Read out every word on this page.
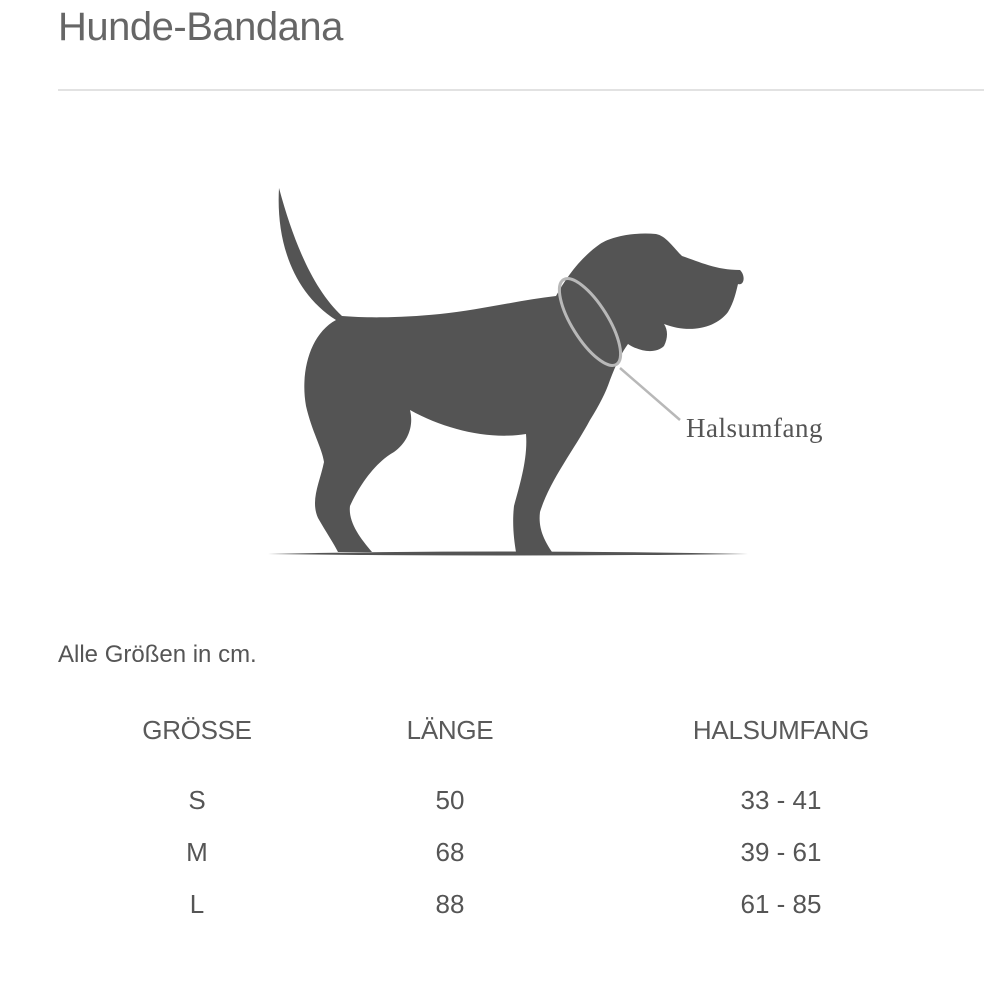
Hunde-Bandana
Halsumfang
Alle Größen in cm.
GRÖSSE	LÄNGE	HALSUMFANG
S	50	33 - 41
M	68	39 - 61
L	88	61 - 85
